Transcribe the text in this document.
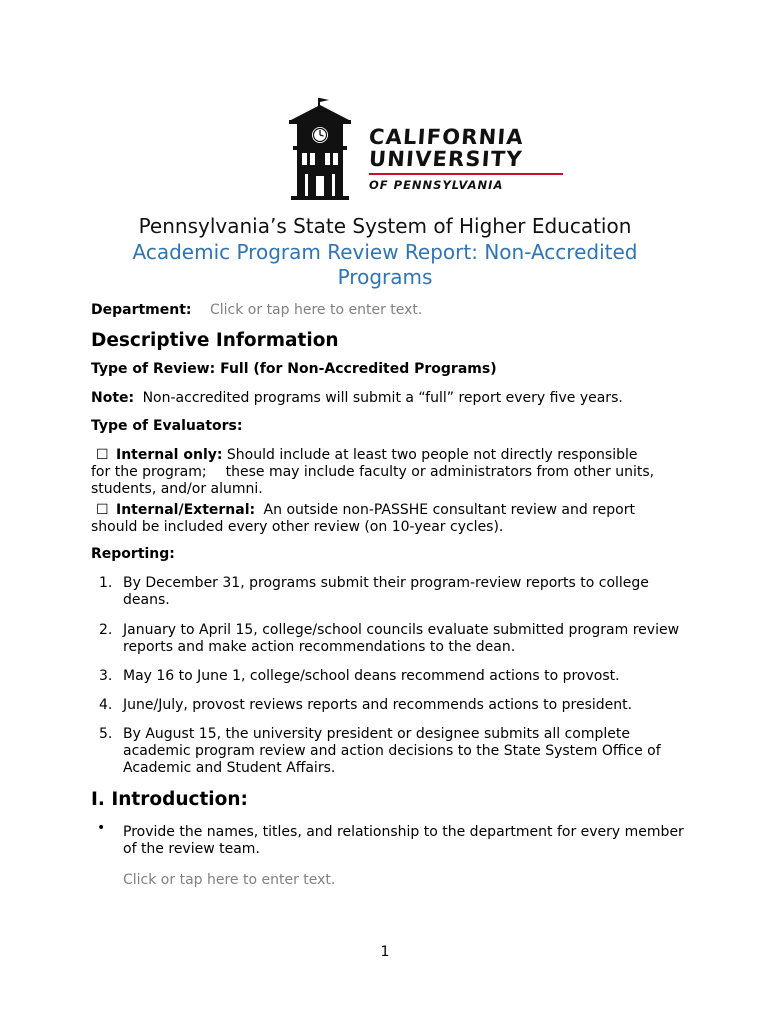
CALIFORNIA
UNIVERSITY
OF PENNSYLVANIA
Pennsylvania’s State System of Higher Education
Academic Program Review Report: Non-Accredited
Programs
Department: Click or tap here to enter text.
Descriptive Information
Type of Review: Full (for Non-Accredited Programs)
Note: Non-accredited programs will submit a “full” report every five years.
Type of Evaluators:
☐ Internal only: Should include at least two people not directly responsible
for the program; these may include faculty or administrators from other units,
students, and/or alumni.
☐ Internal/External: An outside non-PASSHE consultant review and report
should be included every other review (on 10-year cycles).
Reporting:
1. By December 31, programs submit their program-review reports to college
deans.
2. January to April 15, college/school councils evaluate submitted program review
reports and make action recommendations to the dean.
3. May 16 to June 1, college/school deans recommend actions to provost.
4. June/July, provost reviews reports and recommends actions to president.
5. By August 15, the university president or designee submits all complete
academic program review and action decisions to the State System Office of
Academic and Student Affairs.
I. Introduction:
• Provide the names, titles, and relationship to the department for every member
of the review team.
Click or tap here to enter text.
1
